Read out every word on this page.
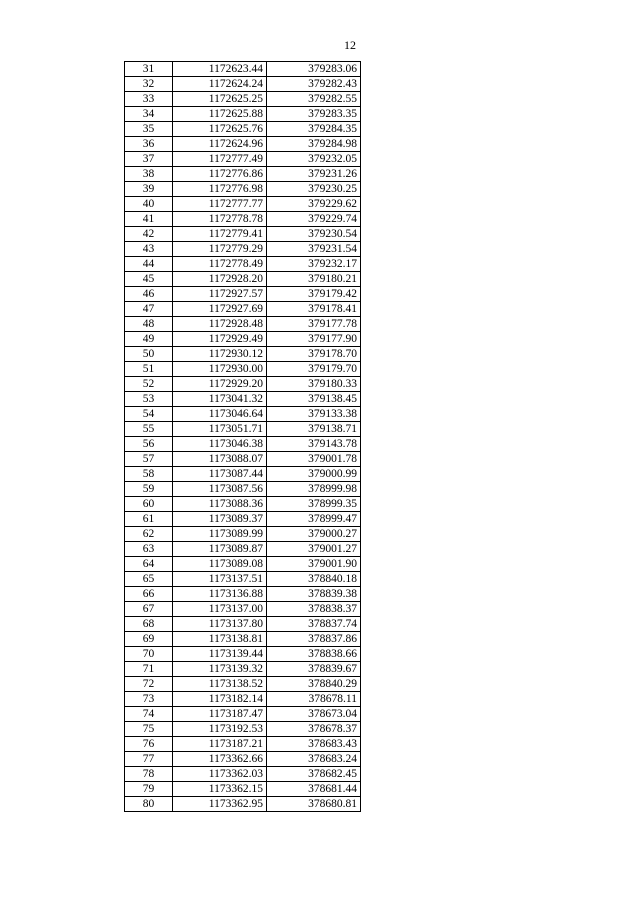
12
31	1172623.44	379283.06
32	1172624.24	379282.43
33	1172625.25	379282.55
34	1172625.88	379283.35
35	1172625.76	379284.35
36	1172624.96	379284.98
37	1172777.49	379232.05
38	1172776.86	379231.26
39	1172776.98	379230.25
40	1172777.77	379229.62
41	1172778.78	379229.74
42	1172779.41	379230.54
43	1172779.29	379231.54
44	1172778.49	379232.17
45	1172928.20	379180.21
46	1172927.57	379179.42
47	1172927.69	379178.41
48	1172928.48	379177.78
49	1172929.49	379177.90
50	1172930.12	379178.70
51	1172930.00	379179.70
52	1172929.20	379180.33
53	1173041.32	379138.45
54	1173046.64	379133.38
55	1173051.71	379138.71
56	1173046.38	379143.78
57	1173088.07	379001.78
58	1173087.44	379000.99
59	1173087.56	378999.98
60	1173088.36	378999.35
61	1173089.37	378999.47
62	1173089.99	379000.27
63	1173089.87	379001.27
64	1173089.08	379001.90
65	1173137.51	378840.18
66	1173136.88	378839.38
67	1173137.00	378838.37
68	1173137.80	378837.74
69	1173138.81	378837.86
70	1173139.44	378838.66
71	1173139.32	378839.67
72	1173138.52	378840.29
73	1173182.14	378678.11
74	1173187.47	378673.04
75	1173192.53	378678.37
76	1173187.21	378683.43
77	1173362.66	378683.24
78	1173362.03	378682.45
79	1173362.15	378681.44
80	1173362.95	378680.81
